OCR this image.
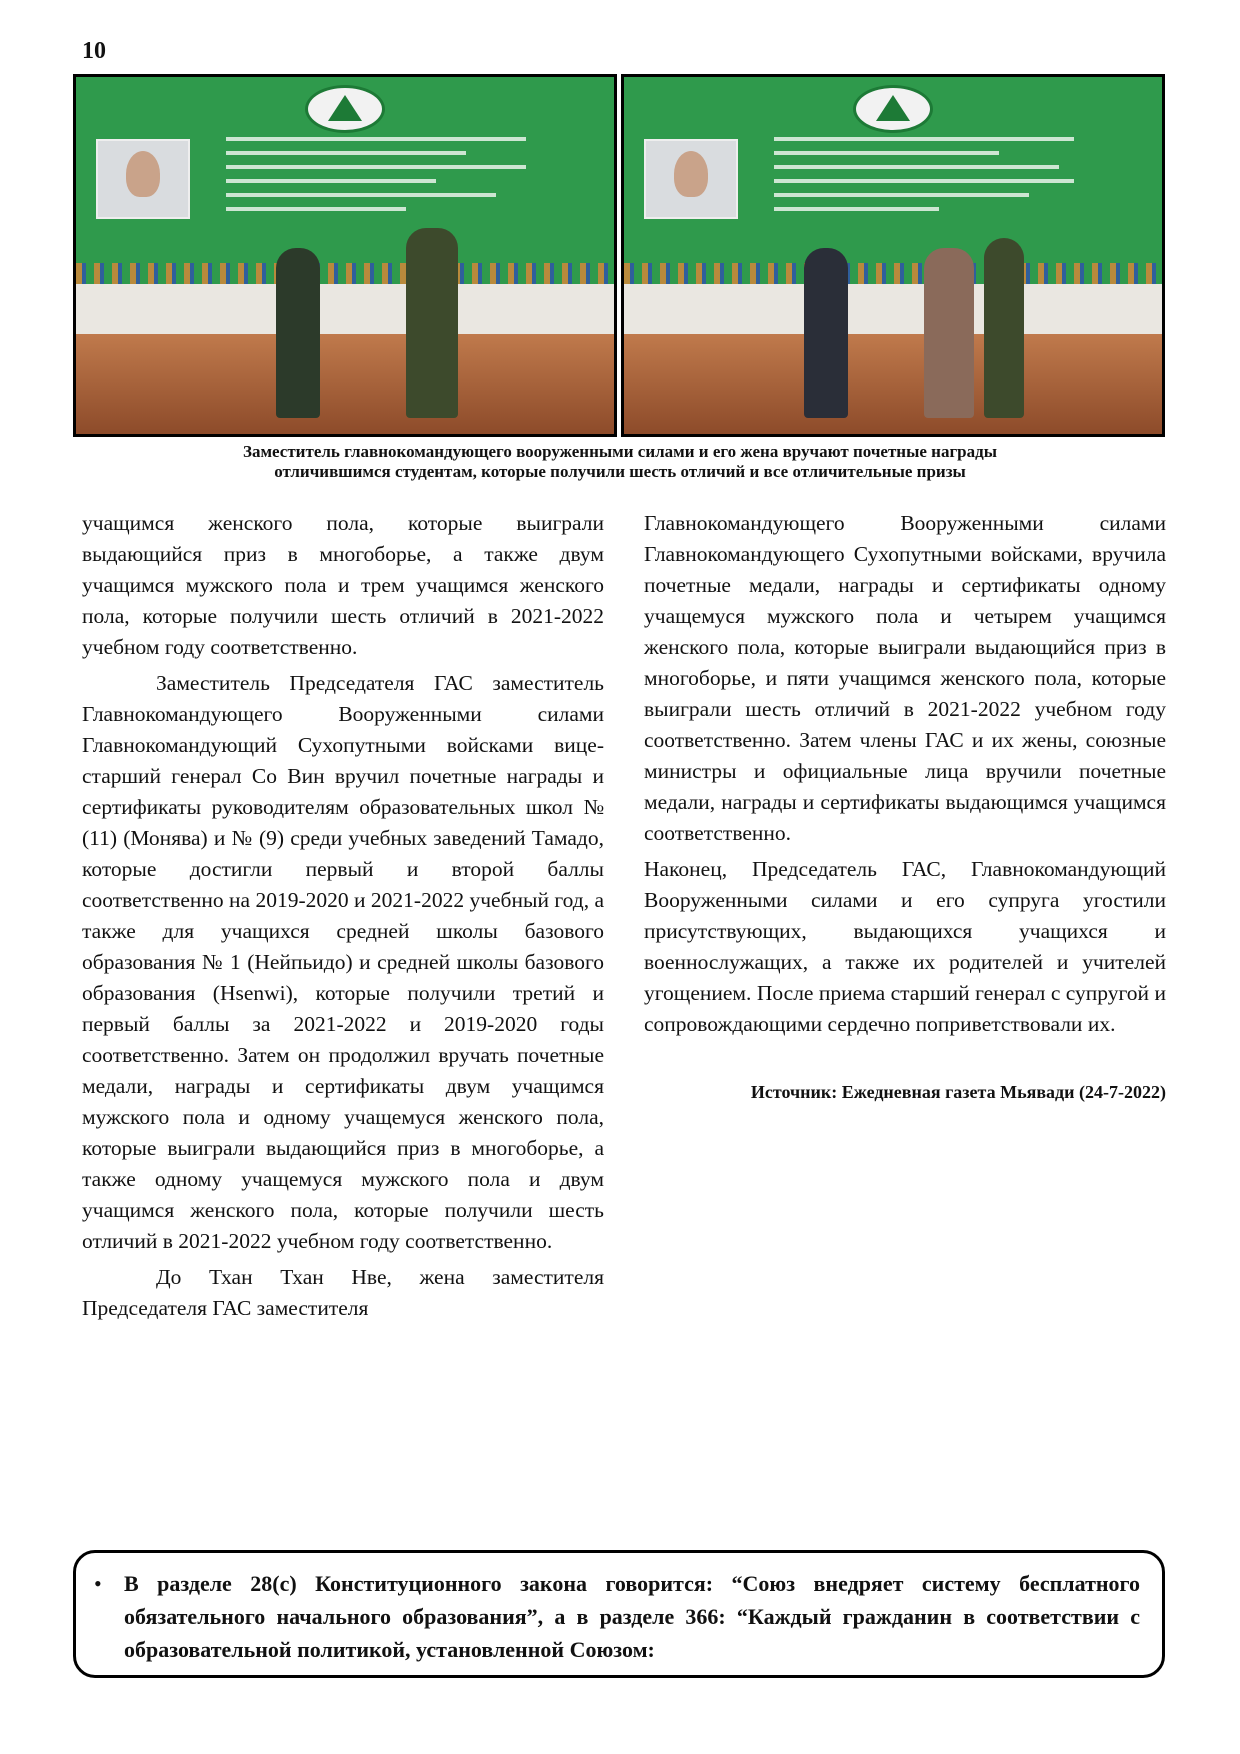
10
Заместитель главнокомандующего вооруженными силами и его жена вручают почетные награды
отличившимся студентам, которые получили шесть отличий и все отличительные призы

учащимся женского пола, которые выиграли выдающийся приз в многоборье, а также двум учащимся мужского пола и трем учащимся женского пола, которые получили шесть отличий в 2021-2022 учебном году соответственно.

Заместитель Председателя ГАС заместитель Главнокомандующего Вооруженными силами Главнокомандующий Сухопутными войсками вице-старший генерал Со Вин вручил почетные награды и сертификаты руководителям образовательных школ № (11) (Монява) и № (9) среди учебных заведений Тамадо, которые достигли первый и второй баллы соответственно на 2019-2020 и 2021-2022 учебный год, а также для учащихся средней школы базового образования № 1 (Нейпьидо) и средней школы базового образования (Hsenwi), которые получили третий и первый баллы за 2021-2022 и 2019-2020 годы соответственно. Затем он продолжил вручать почетные медали, награды и сертификаты двум учащимся мужского пола и одному учащемуся женского пола, которые выиграли выдающийся приз в многоборье, а также одному учащемуся мужского пола и двум учащимся женского пола, которые получили шесть отличий в 2021-2022 учебном году соответственно.

До Тхан Тхан Нве, жена заместителя Председателя ГАС заместителя

Главнокомандующего Вооруженными силами Главнокомандующего Сухопутными войсками, вручила почетные медали, награды и сертификаты одному учащемуся мужского пола и четырем учащимся женского пола, которые выиграли выдающийся приз в многоборье, и пяти учащимся женского пола, которые выиграли шесть отличий в 2021-2022 учебном году соответственно. Затем члены ГАС и их жены, союзные министры и официальные лица вручили почетные медали, награды и сертификаты выдающимся учащимся соответственно.

Наконец, Председатель ГАС, Главнокомандующий Вооруженными силами и его супруга угостили присутствующих, выдающихся учащихся и военнослужащих, а также их родителей и учителей угощением. После приема старший генерал с супругой и сопровождающими сердечно поприветствовали их.

Источник: Ежедневная газета Мьявади (24-7-2022)

•	В разделе 28(c) Конституционного закона говорится: “Союз внедряет систему бесплатного обязательного начального образования”, а в разделе 366: “Каждый гражданин в соответствии с образовательной политикой, установленной Союзом:
